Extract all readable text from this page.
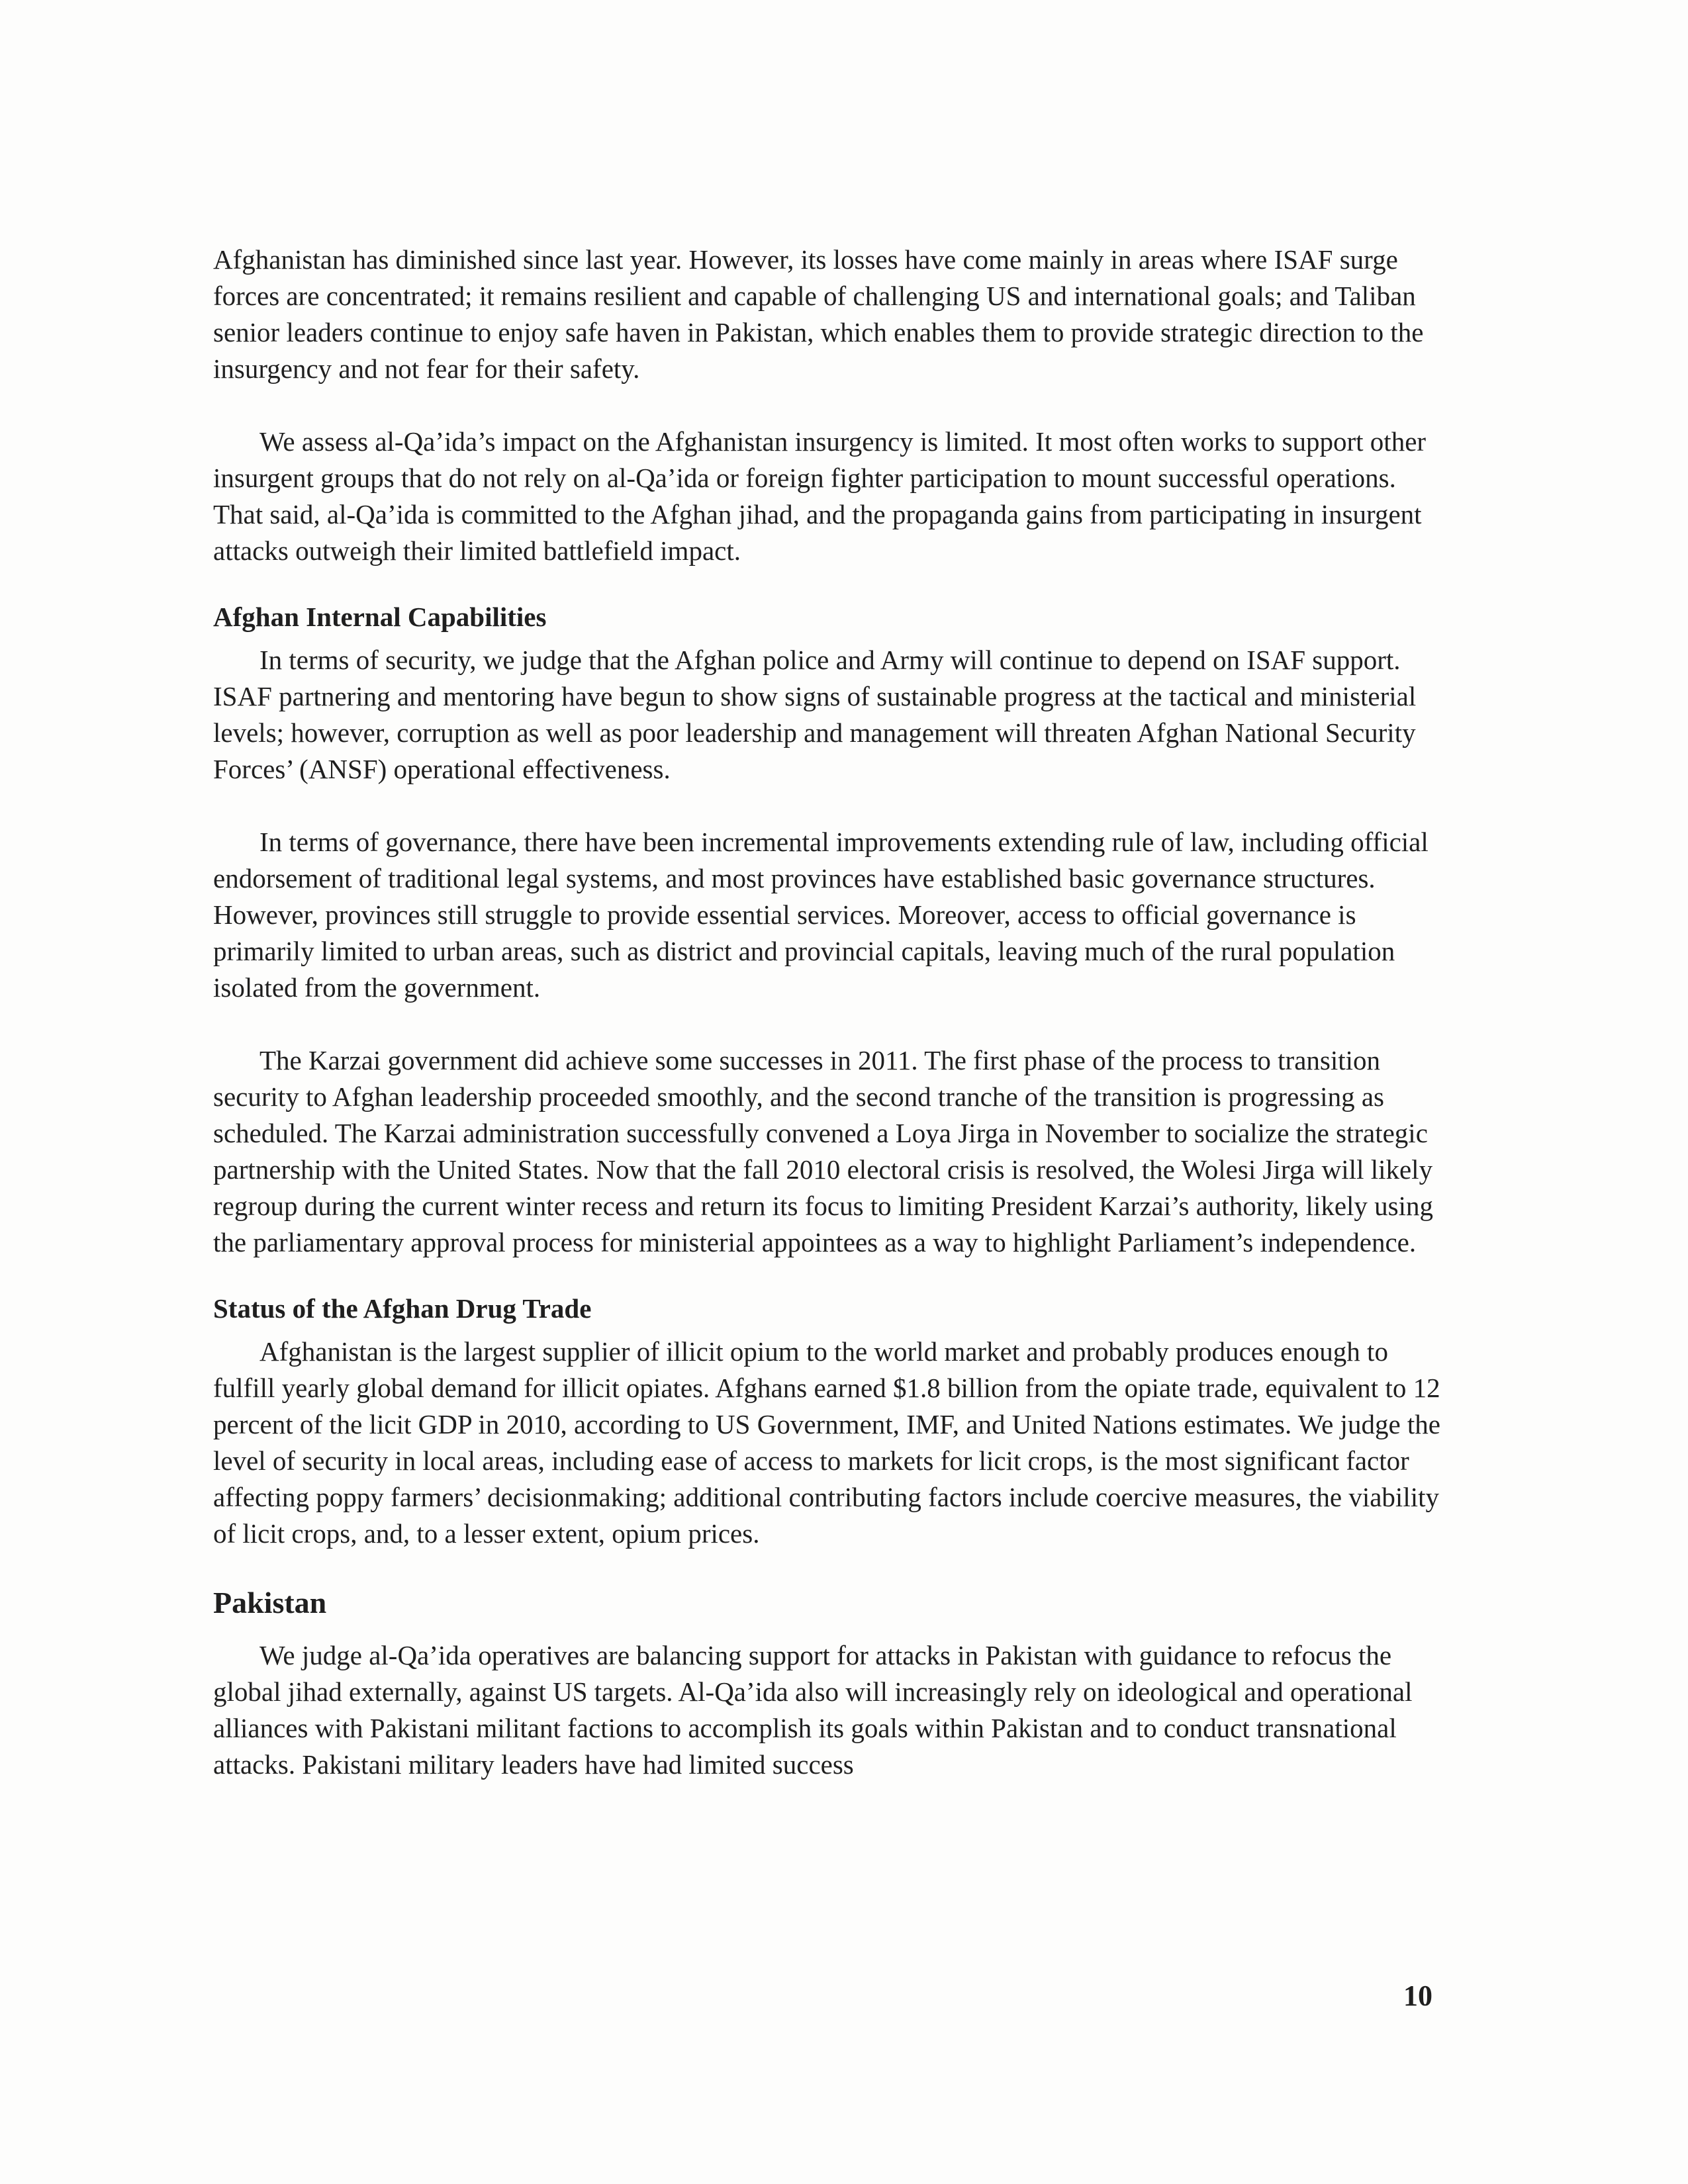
Afghanistan has diminished since last year. However, its losses have come mainly in areas where ISAF surge forces are concentrated; it remains resilient and capable of challenging US and international goals; and Taliban senior leaders continue to enjoy safe haven in Pakistan, which enables them to provide strategic direction to the insurgency and not fear for their safety.

We assess al-Qa’ida’s impact on the Afghanistan insurgency is limited. It most often works to support other insurgent groups that do not rely on al-Qa’ida or foreign fighter participation to mount successful operations. That said, al-Qa’ida is committed to the Afghan jihad, and the propaganda gains from participating in insurgent attacks outweigh their limited battlefield impact.

Afghan Internal Capabilities

In terms of security, we judge that the Afghan police and Army will continue to depend on ISAF support. ISAF partnering and mentoring have begun to show signs of sustainable progress at the tactical and ministerial levels; however, corruption as well as poor leadership and management will threaten Afghan National Security Forces’ (ANSF) operational effectiveness.

In terms of governance, there have been incremental improvements extending rule of law, including official endorsement of traditional legal systems, and most provinces have established basic governance structures. However, provinces still struggle to provide essential services. Moreover, access to official governance is primarily limited to urban areas, such as district and provincial capitals, leaving much of the rural population isolated from the government.

The Karzai government did achieve some successes in 2011. The first phase of the process to transition security to Afghan leadership proceeded smoothly, and the second tranche of the transition is progressing as scheduled. The Karzai administration successfully convened a Loya Jirga in November to socialize the strategic partnership with the United States. Now that the fall 2010 electoral crisis is resolved, the Wolesi Jirga will likely regroup during the current winter recess and return its focus to limiting President Karzai’s authority, likely using the parliamentary approval process for ministerial appointees as a way to highlight Parliament’s independence.

Status of the Afghan Drug Trade

Afghanistan is the largest supplier of illicit opium to the world market and probably produces enough to fulfill yearly global demand for illicit opiates. Afghans earned $1.8 billion from the opiate trade, equivalent to 12 percent of the licit GDP in 2010, according to US Government, IMF, and United Nations estimates. We judge the level of security in local areas, including ease of access to markets for licit crops, is the most significant factor affecting poppy farmers’ decisionmaking; additional contributing factors include coercive measures, the viability of licit crops, and, to a lesser extent, opium prices.

Pakistan

We judge al-Qa’ida operatives are balancing support for attacks in Pakistan with guidance to refocus the global jihad externally, against US targets. Al-Qa’ida also will increasingly rely on ideological and operational alliances with Pakistani militant factions to accomplish its goals within Pakistan and to conduct transnational attacks. Pakistani military leaders have had limited success

10
